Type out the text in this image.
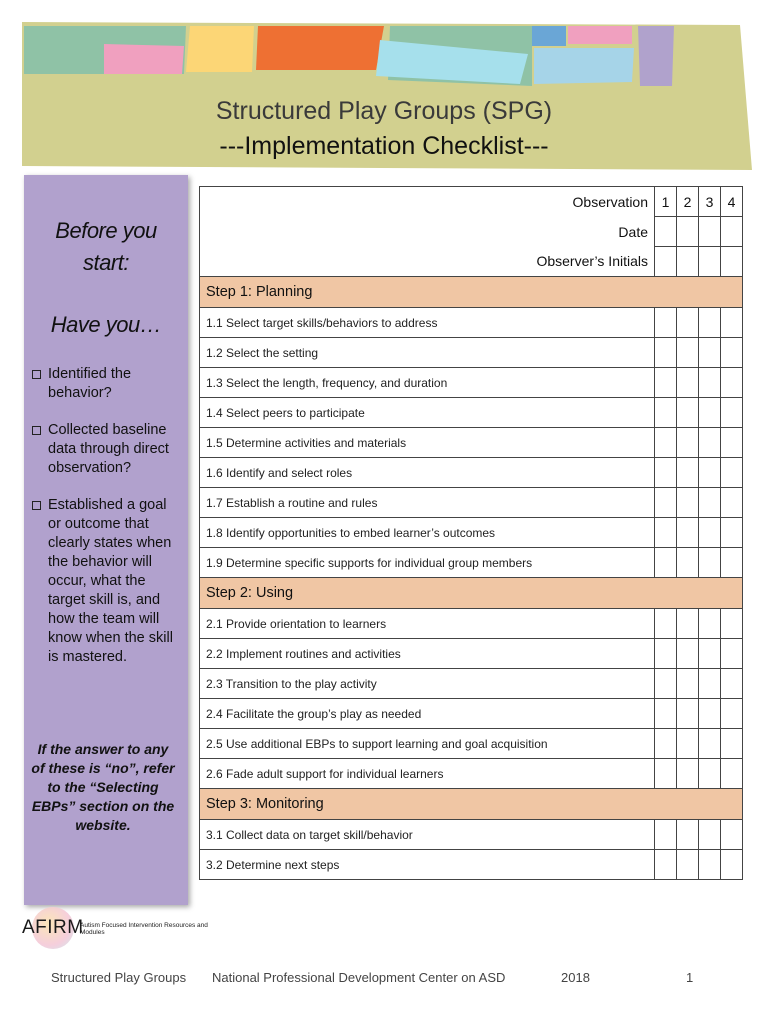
Structured Play Groups (SPG)
---Implementation Checklist---
Before you start:
Have you…
Identified the behavior?
Collected baseline data through direct observation?
Established a goal or outcome that clearly states when the behavior will occur, what the target skill is, and how the team will know when the skill is mastered.
If the answer to any of these is “no”, refer to the “Selecting EBPs” section on the website.
Observation	1	2	3	4
Date				
Observer’s Initials				
Step 1: Planning				
1.1 Select target skills/behaviors to address				
1.2 Select the setting				
1.3 Select the length, frequency, and duration				
1.4 Select peers to participate				
1.5 Determine activities and materials				
1.6 Identify and select roles				
1.7 Establish a routine and rules				
1.8 Identify opportunities to embed learner’s outcomes				
1.9 Determine specific supports for individual group members				
Step 2: Using				
2.1 Provide orientation to learners				
2.2 Implement routines and activities				
2.3 Transition to the play activity				
2.4 Facilitate the group’s play as needed				
2.5 Use additional EBPs to support learning and goal acquisition				
2.6 Fade adult support for individual learners				
Step 3: Monitoring				
3.1 Collect data on target skill/behavior				
3.2 Determine next steps				
AFIRM
Autism Focused Intervention Resources and Modules
Structured Play Groups National Professional Development Center on ASD	2018	1
